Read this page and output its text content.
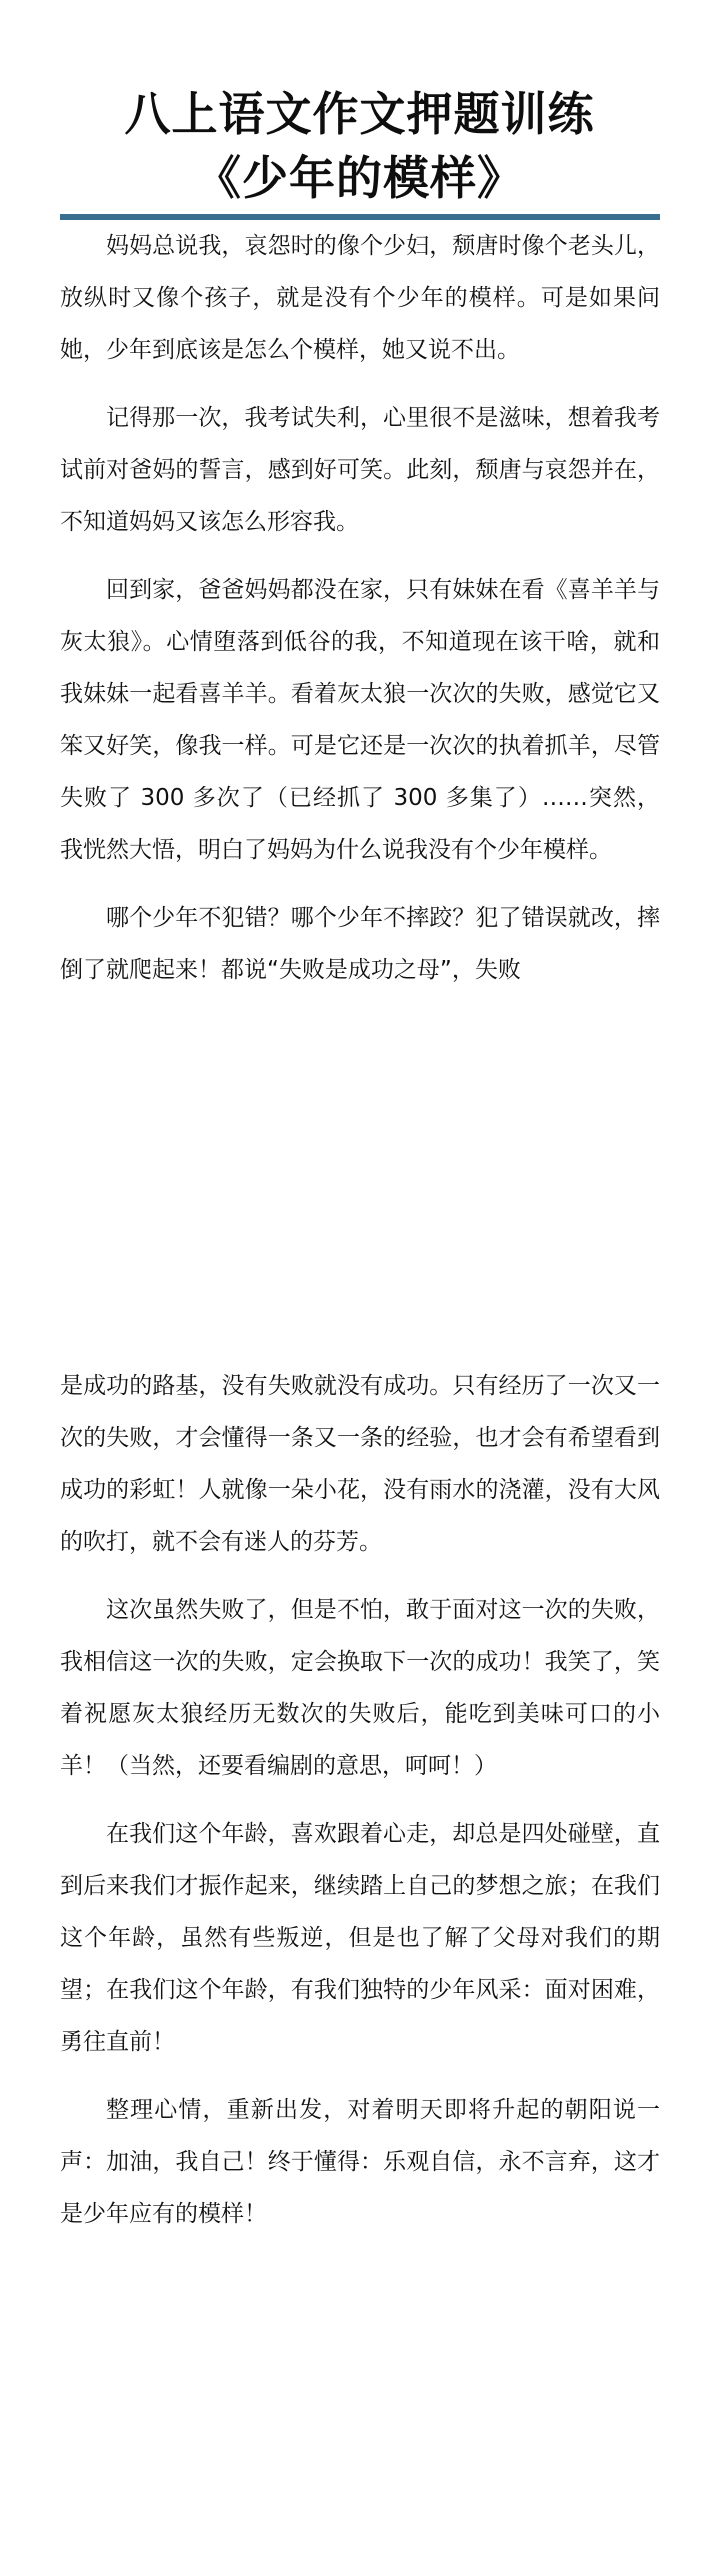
八上语文作文押题训练
《少年的模样》

妈妈总说我，哀怨时的像个少妇，颓唐时像个老头儿，放纵时又像个孩子，就是没有个少年的模样。可是如果问她，少年到底该是怎么个模样，她又说不出。

记得那一次，我考试失利，心里很不是滋味，想着我考试前对爸妈的誓言，感到好可笑。此刻，颓唐与哀怨并在，不知道妈妈又该怎么形容我。

回到家，爸爸妈妈都没在家，只有妹妹在看《喜羊羊与灰太狼》。心情堕落到低谷的我，不知道现在该干啥，就和我妹妹一起看喜羊羊。看着灰太狼一次次的失败，感觉它又笨又好笑，像我一样。可是它还是一次次的执着抓羊，尽管失败了 300 多次了（已经抓了 300 多集了）……突然，我恍然大悟，明白了妈妈为什么说我没有个少年模样。

哪个少年不犯错？哪个少年不摔跤？犯了错误就改，摔倒了就爬起来！都说“失败是成功之母”，失败

是成功的路基，没有失败就没有成功。只有经历了一次又一次的失败，才会懂得一条又一条的经验，也才会有希望看到成功的彩虹！人就像一朵小花，没有雨水的浇灌，没有大风的吹打，就不会有迷人的芬芳。

这次虽然失败了，但是不怕，敢于面对这一次的失败，我相信这一次的失败，定会换取下一次的成功！我笑了，笑着祝愿灰太狼经历无数次的失败后，能吃到美味可口的小羊！（当然，还要看编剧的意思，呵呵！）

在我们这个年龄，喜欢跟着心走，却总是四处碰壁，直到后来我们才振作起来，继续踏上自己的梦想之旅；在我们这个年龄，虽然有些叛逆，但是也了解了父母对我们的期望；在我们这个年龄，有我们独特的少年风采：面对困难，勇往直前！

整理心情，重新出发，对着明天即将升起的朝阳说一声：加油，我自己！终于懂得：乐观自信，永不言弃，这才是少年应有的模样！
